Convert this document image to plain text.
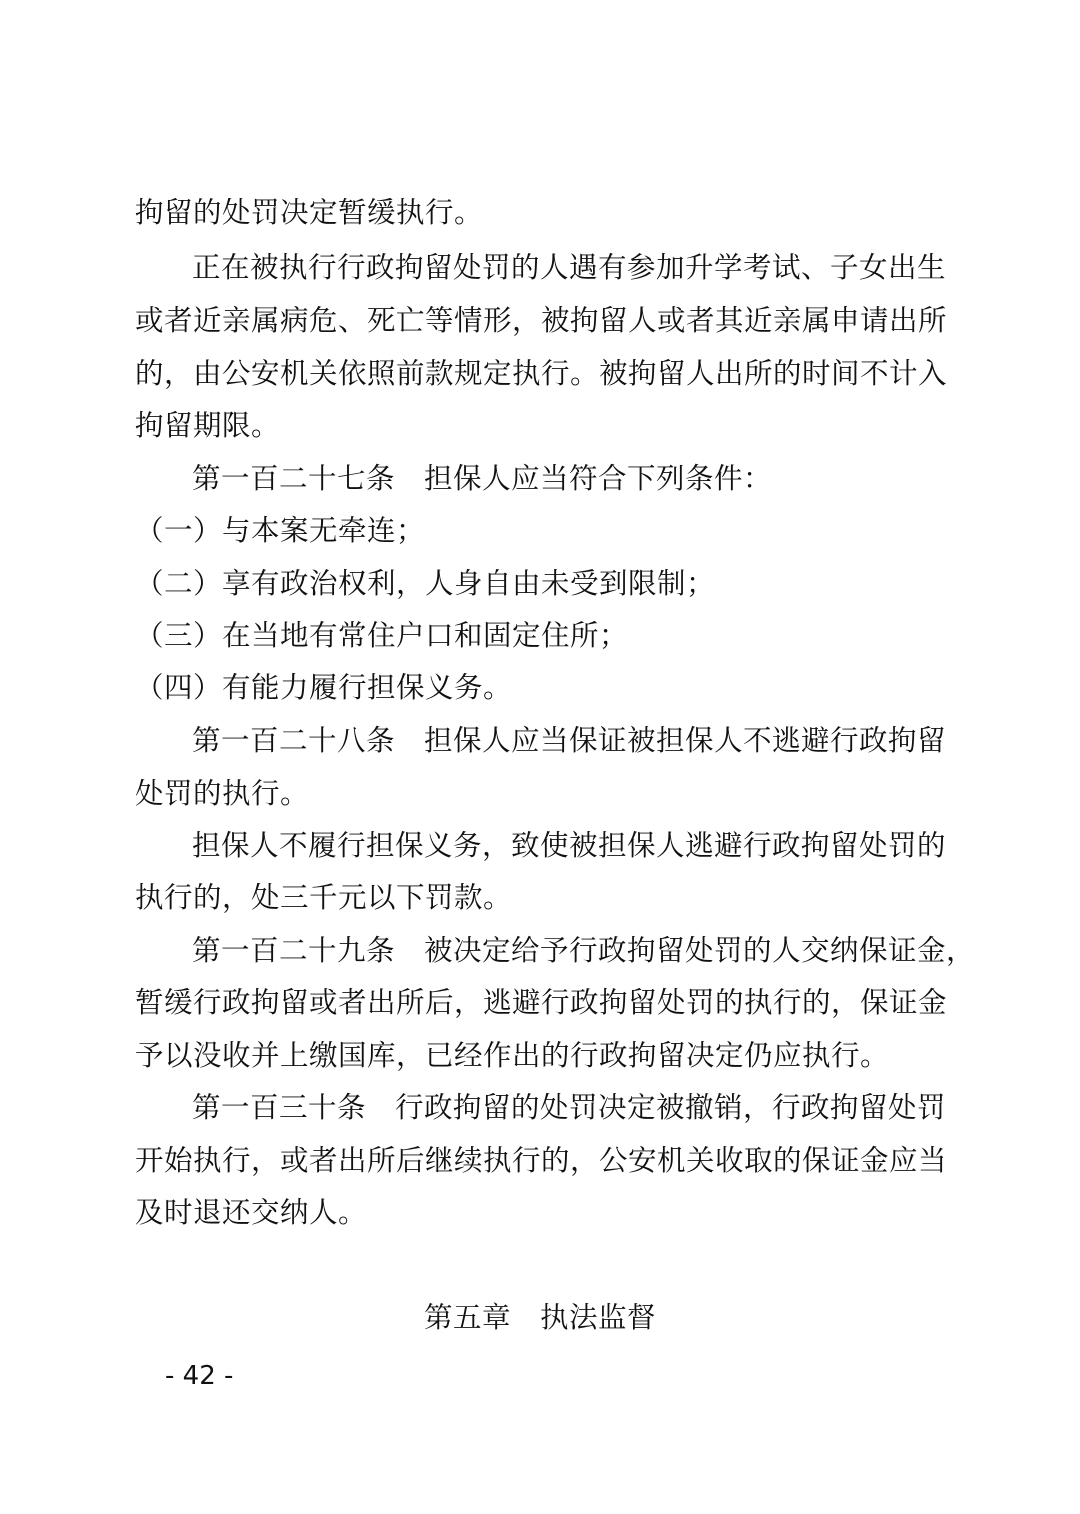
拘留的处罚决定暂缓执行。
正在被执行行政拘留处罚的人遇有参加升学考试、子女出生
或者近亲属病危、死亡等情形，被拘留人或者其近亲属申请出所
的，由公安机关依照前款规定执行。被拘留人出所的时间不计入
拘留期限。
第一百二十七条　担保人应当符合下列条件：
（一）与本案无牵连；
（二）享有政治权利，人身自由未受到限制；
（三）在当地有常住户口和固定住所；
（四）有能力履行担保义务。
第一百二十八条　担保人应当保证被担保人不逃避行政拘留
处罚的执行。
担保人不履行担保义务，致使被担保人逃避行政拘留处罚的
执行的，处三千元以下罚款。
第一百二十九条　被决定给予行政拘留处罚的人交纳保证金，
暂缓行政拘留或者出所后，逃避行政拘留处罚的执行的，保证金
予以没收并上缴国库，已经作出的行政拘留决定仍应执行。
第一百三十条　行政拘留的处罚决定被撤销，行政拘留处罚
开始执行，或者出所后继续执行的，公安机关收取的保证金应当
及时退还交纳人。
第五章　执法监督
- 42 -
